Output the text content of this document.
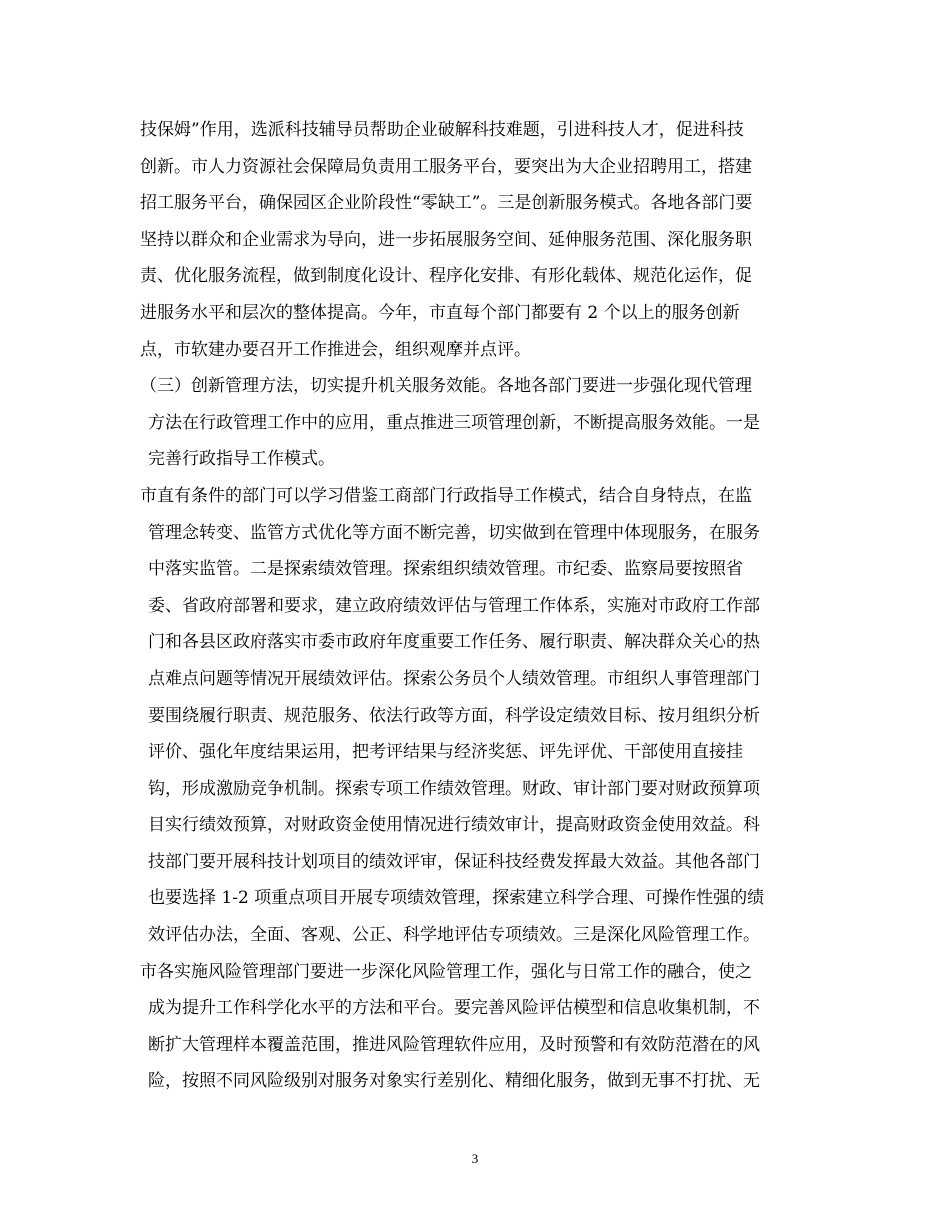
技保姆”作用，选派科技辅导员帮助企业破解科技难题，引进科技人才，促进科技
创新。市人力资源社会保障局负责用工服务平台，要突出为大企业招聘用工，搭建
招工服务平台，确保园区企业阶段性“零缺工”。三是创新服务模式。各地各部门要
坚持以群众和企业需求为导向，进一步拓展服务空间、延伸服务范围、深化服务职
责、优化服务流程，做到制度化设计、程序化安排、有形化载体、规范化运作，促
进服务水平和层次的整体提高。今年，市直每个部门都要有 2 个以上的服务创新
点，市软建办要召开工作推进会，组织观摩并点评。
（三）创新管理方法，切实提升机关服务效能。各地各部门要进一步强化现代管理
方法在行政管理工作中的应用，重点推进三项管理创新，不断提高服务效能。一是
完善行政指导工作模式。
市直有条件的部门可以学习借鉴工商部门行政指导工作模式，结合自身特点，在监
管理念转变、监管方式优化等方面不断完善，切实做到在管理中体现服务，在服务
中落实监管。二是探索绩效管理。探索组织绩效管理。市纪委、监察局要按照省
委、省政府部署和要求，建立政府绩效评估与管理工作体系，实施对市政府工作部
门和各县区政府落实市委市政府年度重要工作任务、履行职责、解决群众关心的热
点难点问题等情况开展绩效评估。探索公务员个人绩效管理。市组织人事管理部门
要围绕履行职责、规范服务、依法行政等方面，科学设定绩效目标、按月组织分析
评价、强化年度结果运用，把考评结果与经济奖惩、评先评优、干部使用直接挂
钩，形成激励竞争机制。探索专项工作绩效管理。财政、审计部门要对财政预算项
目实行绩效预算，对财政资金使用情况进行绩效审计，提高财政资金使用效益。科
技部门要开展科技计划项目的绩效评审，保证科技经费发挥最大效益。其他各部门
也要选择 1-2 项重点项目开展专项绩效管理，探索建立科学合理、可操作性强的绩
效评估办法，全面、客观、公正、科学地评估专项绩效。三是深化风险管理工作。
市各实施风险管理部门要进一步深化风险管理工作，强化与日常工作的融合，使之
成为提升工作科学化水平的方法和平台。要完善风险评估模型和信息收集机制，不
断扩大管理样本覆盖范围，推进风险管理软件应用，及时预警和有效防范潜在的风
险，按照不同风险级别对服务对象实行差别化、精细化服务，做到无事不打扰、无
3
